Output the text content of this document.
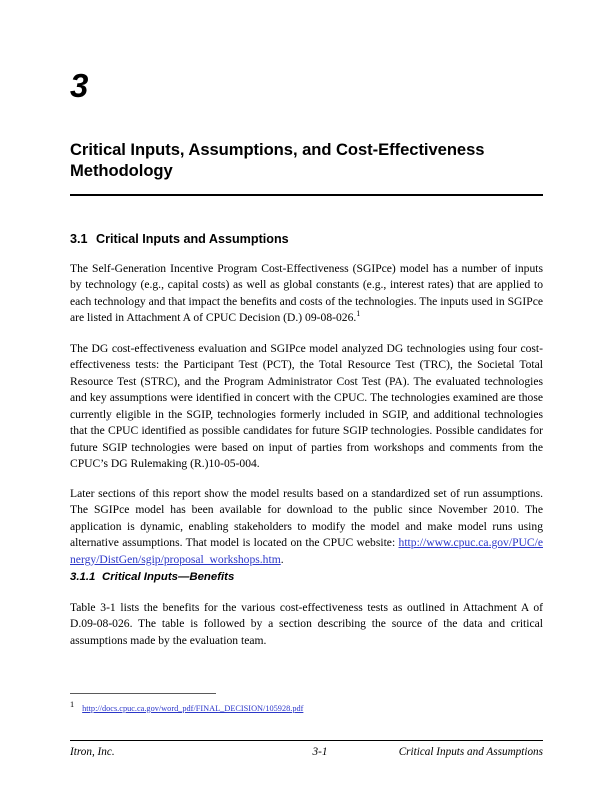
3
Critical Inputs, Assumptions, and Cost-Effectiveness Methodology
3.1 Critical Inputs and Assumptions

The Self-Generation Incentive Program Cost-Effectiveness (SGIPce) model has a number of inputs by technology (e.g., capital costs) as well as global constants (e.g., interest rates) that are applied to each technology and that impact the benefits and costs of the technologies. The inputs used in SGIPce are listed in Attachment A of CPUC Decision (D.) 09-08-026.$^1$

The DG cost-effectiveness evaluation and SGIPce model analyzed DG technologies using four cost-effectiveness tests: the Participant Test (PCT), the Total Resource Test (TRC), the Societal Total Resource Test (STRC), and the Program Administrator Cost Test (PA). The evaluated technologies and key assumptions were identified in concert with the CPUC. The technologies examined are those currently eligible in the SGIP, technologies formerly included in SGIP, and additional technologies that the CPUC identified as possible candidates for future SGIP technologies. Possible candidates for future SGIP technologies were based on input of parties from workshops and comments from the CPUC’s DG Rulemaking (R.)10-05-004.

Later sections of this report show the model results based on a standardized set of run assumptions. The SGIPce model has been available for download to the public since November 2010. The application is dynamic, enabling stakeholders to modify the model and make model runs using alternative assumptions. That model is located on the CPUC website: http://www.cpuc.ca.gov/PUC/energy/DistGen/sgip/proposal_workshops.htm.

3.1.1 Critical Inputs—Benefits

Table 3-1 lists the benefits for the various cost-effectiveness tests as outlined in Attachment A of D.09-08-026. The table is followed by a section describing the source of the data and critical assumptions made by the evaluation team.

1 http://docs.cpuc.ca.gov/word_pdf/FINAL_DECISION/105928.pdf
Itron, Inc.	3-1	Critical Inputs and Assumptions
